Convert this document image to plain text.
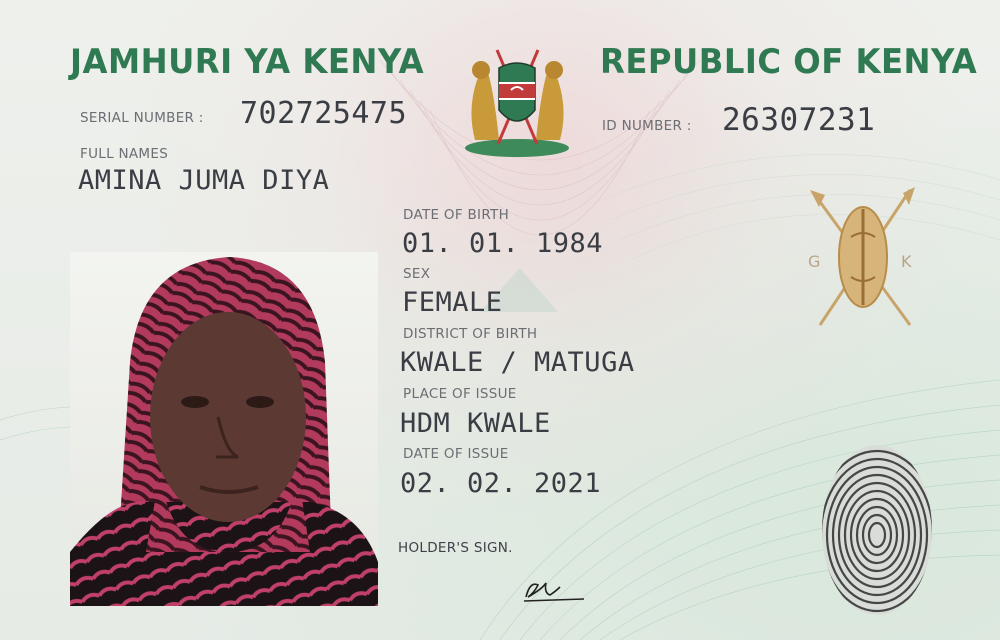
JAMHURI YA KENYA	REPUBLIC OF KENYA
SERIAL NUMBER : 702725475	ID NUMBER : 26307231
FULL NAMES
AMINA JUMA DIYA
DATE OF BIRTH
01. 01. 1984
SEX
FEMALE
DISTRICT OF BIRTH
KWALE / MATUGA
PLACE OF ISSUE
HDM KWALE
DATE OF ISSUE
02. 02. 2021
HOLDER'S SIGN.
G	K
